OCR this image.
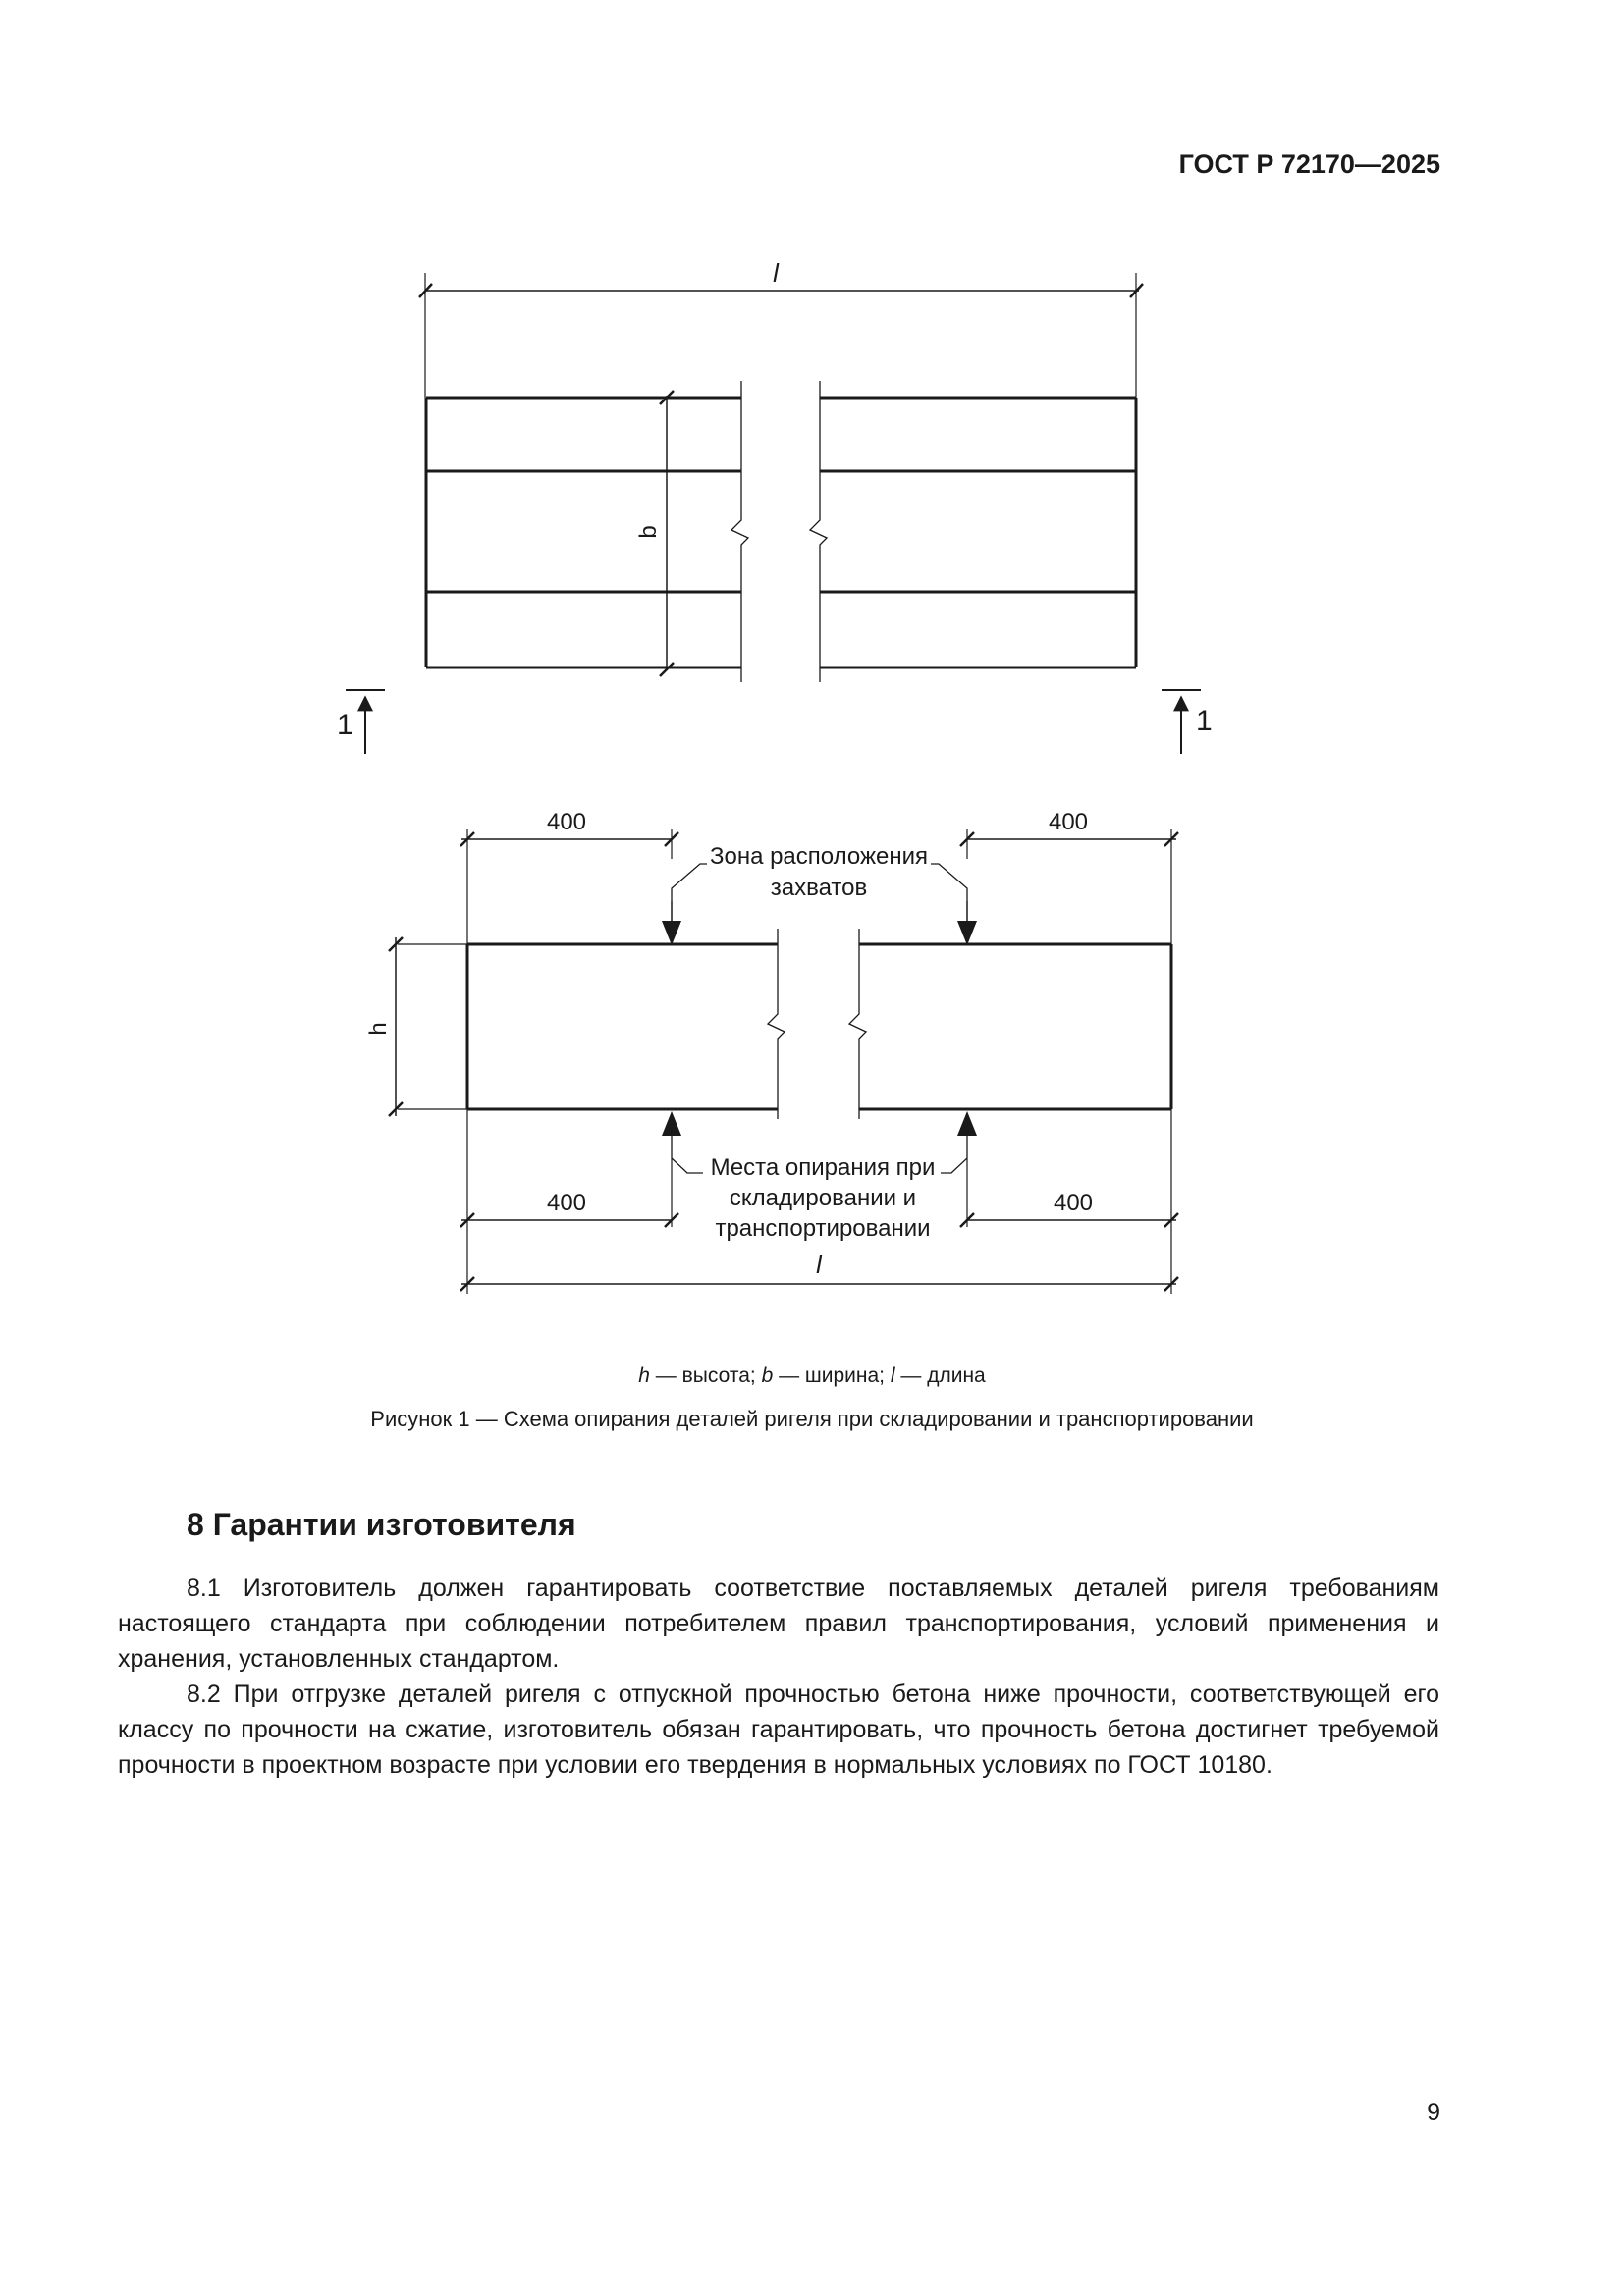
ГОСТ Р 72170—2025
l
b
1	1
400	400
Зона расположения
захватов
h
Места опирания при
складировании и
транспортировании
400	400
l
h — высота; b — ширина; l — длина
Рисунок 1 — Схема опирания деталей ригеля при складировании и транспортировании
8 Гарантии изготовителя

8.1 Изготовитель должен гарантировать соответствие поставляемых деталей ригеля требованиям настоящего стандарта при соблюдении потребителем правил транспортирования, условий применения и хранения, установленных стандартом.

8.2 При отгрузке деталей ригеля с отпускной прочностью бетона ниже прочности, соответствующей его классу по прочности на сжатие, изготовитель обязан гарантировать, что прочность бетона достигнет требуемой прочности в проектном возрасте при условии его твердения в нормальных условиях по ГОСТ 10180.

9
